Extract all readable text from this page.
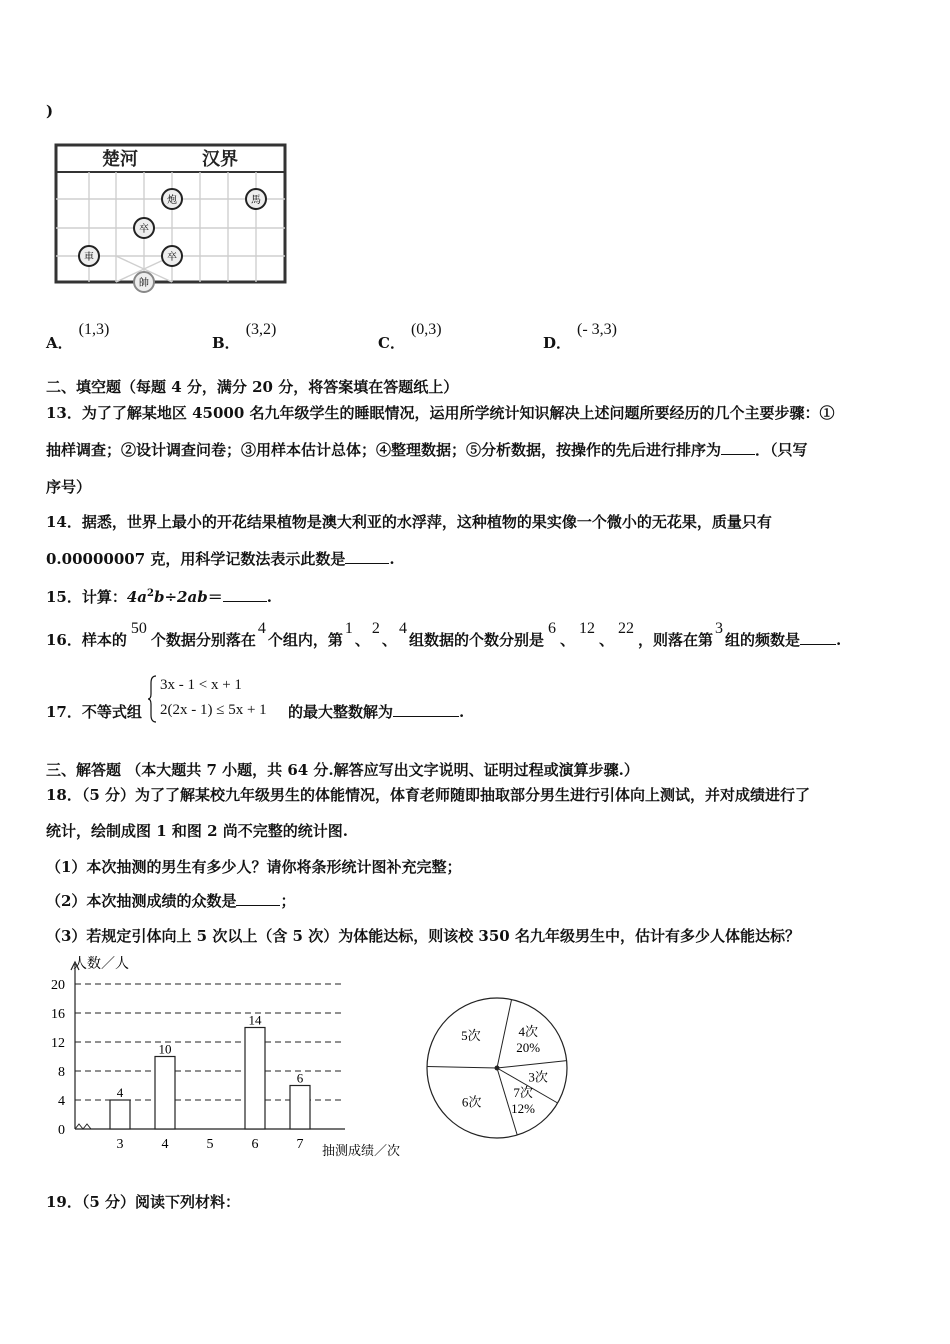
)
楚河	汉界
炮	馬
卒
車	卒
帥
A．(1,3)
B．(3,2)
C．(0,3)
D．(- 3,3)
二、填空题（每题 4 分，满分 20 分，将答案填在答题纸上）
13．为了了解某地区 45000 名九年级学生的睡眠情况，运用所学统计知识解决上述问题所要经历的几个主要步骤：①
抽样调查；②设计调查问卷；③用样本估计总体；④整理数据；⑤分析数据，按操作的先后进行排序为 ．（只写
序号）
14．据悉，世界上最小的开花结果植物是澳大利亚的水浮萍，这种植物的果实像一个微小的无花果，质量只有
0.00000007 克，用科学记数法表示此数是	.
15．计算：$4a^2b\div 2ab=$	.
16．样本的50个数据分别落在4个组内，第1、2、4组数据的个数分别是6、12、22，则落在第3组的频数是 .
17．不等式组
3x - 1 < x + 1
2(2x - 1) ≤ 5x + 1 的最大整数解为	.
三、解答题 （本大题共 7 小题，共 64 分.解答应写出文字说明、证明过程或演算步骤.）
18．（5 分）为了了解某校九年级男生的体能情况，体育老师随即抽取部分男生进行引体向上测试，并对成绩进行了
统计，绘制成图 1 和图 2 尚不完整的统计图.
（1）本次抽测的男生有多少人？请你将条形统计图补充完整；
（2）本次抽测成绩的众数是	；
（3）若规定引体向上 5 次以上（含 5 次）为体能达标，则该校 350 名九年级男生中，估计有多少人体能达标？
0
4
8
12
16
20
人数／人
3
4
4
10
5	6
14
7
6
抽测成绩／次
4次
20%
3次
7次
12%
6次
5次
19．（5 分）阅读下列材料：
